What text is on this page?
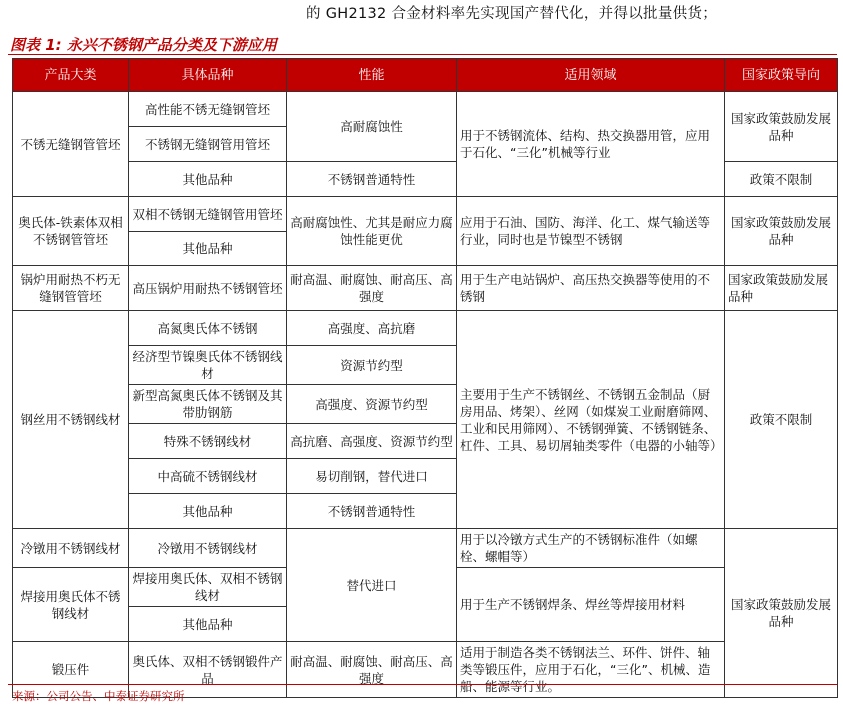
的 GH2132 合金材料率先实现国产替代化，并得以批量供货；
图表 1: 永兴不锈钢产品分类及下游应用
产品大类	具体品种	性能	适用领域	国家政策导向
不锈无缝钢管管坯	高性能不锈无缝钢管坯	高耐腐蚀性	用于不锈钢流体、结构、热交换器用管，应用于石化、“三化”机械等行业	国家政策鼓励发展品种
	不锈钢无缝钢管用管坯			
	其他品种	不锈钢普通特性		政策不限制
奥氏体-铁素体双相不锈钢管管坯	双相不锈钢无缝钢管用管坯	高耐腐蚀性、尤其是耐应力腐蚀性能更优	应用于石油、国防、海洋、化工、煤气输送等行业，同时也是节镍型不锈钢	国家政策鼓励发展品种
	其他品种			
锅炉用耐热不朽无缝钢管管坯	高压锅炉用耐热不锈钢管坯	耐高温、耐腐蚀、耐高压、高强度	用于生产电站锅炉、高压热交换器等使用的不锈钢	国家政策鼓励发展品种
钢丝用不锈钢线材	高氮奥氏体不锈钢	高强度、高抗磨	主要用于生产不锈钢丝、不锈钢五金制品（厨房用品、烤架）、丝网（如煤炭工业耐磨筛网、工业和民用筛网）、不锈钢弹簧、不锈钢链条、杠件、工具、易切屑轴类零件（电器的小轴等）	政策不限制
	经济型节镍奥氏体不锈钢线材	资源节约型		
	新型高氮奥氏体不锈钢及其带肋钢筋	高强度、资源节约型		
	特殊不锈钢线材	高抗磨、高强度、资源节约型		
	中高硫不锈钢线材	易切削钢，替代进口		
	其他品种	不锈钢普通特性		
冷镦用不锈钢线材	冷镦用不锈钢线材	替代进口	用于以冷镦方式生产的不锈钢标准件（如螺栓、螺帽等）	国家政策鼓励发展品种
焊接用奥氏体不锈钢线材	焊接用奥氏体、双相不锈钢线材		用于生产不锈钢焊条、焊丝等焊接用材料	
	其他品种			
锻压件	奥氏体、双相不锈钢锻件产品	耐高温、耐腐蚀、耐高压、高强度	适用于制造各类不锈钢法兰、环件、饼件、轴类等锻压件，应用于石化，“三化”、机械、造船、能源等行业。	
来源：公司公告、中泰证券研究所
